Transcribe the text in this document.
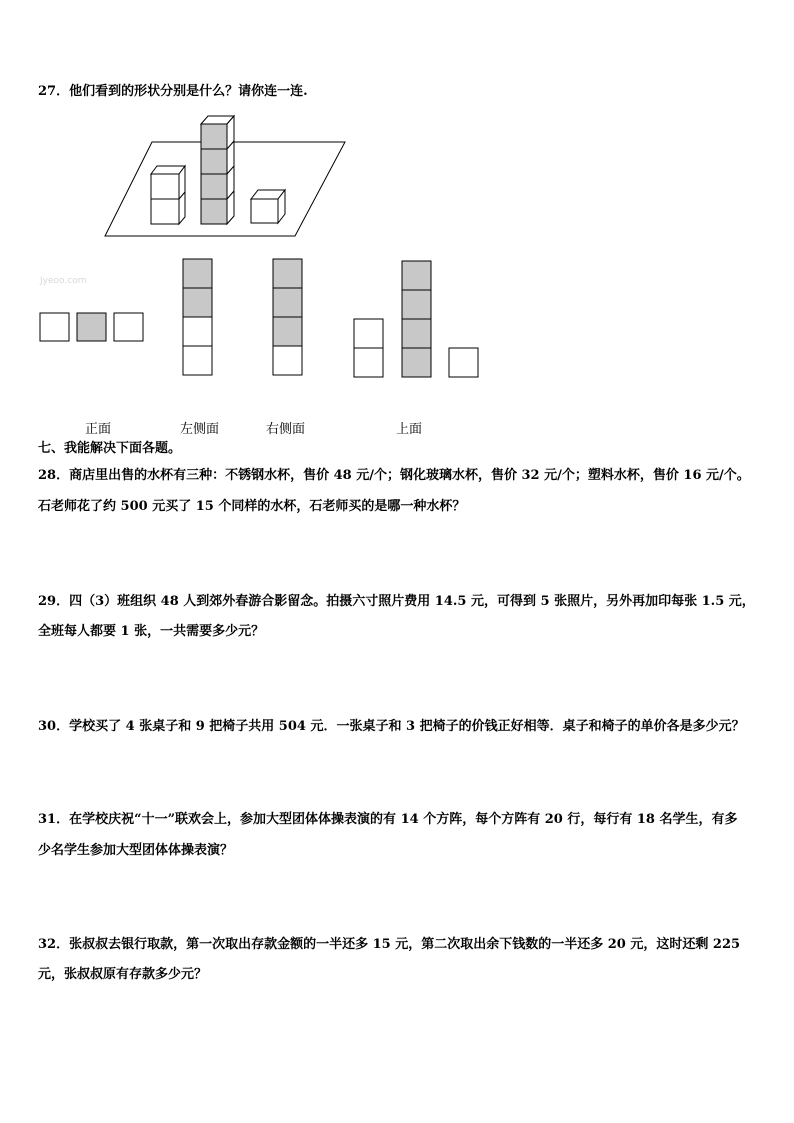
27．他们看到的形状分别是什么？请你连一连.
Jyeoo.com
正面	左侧面	右侧面	上面
七、我能解决下面各题。
28．商店里出售的水杯有三种：不锈钢水杯，售价 48 元/个；钢化玻璃水杯，售价 32 元/个；塑料水杯，售价 16 元/个。
石老师花了约 500 元买了 15 个同样的水杯，石老师买的是哪一种水杯？
29．四（3）班组织 48 人到郊外春游合影留念。拍摄六寸照片费用 14.5 元，可得到 5 张照片，另外再加印每张 1.5 元，
全班每人都要 1 张，一共需要多少元？
30．学校买了 4 张桌子和 9 把椅子共用 504 元．一张桌子和 3 把椅子的价钱正好相等．桌子和椅子的单价各是多少元？
31．在学校庆祝“十一”联欢会上，参加大型团体体操表演的有 14 个方阵，每个方阵有 20 行，每行有 18 名学生，有多
少名学生参加大型团体体操表演？
32．张叔叔去银行取款，第一次取出存款金额的一半还多 15 元，第二次取出余下钱数的一半还多 20 元，这时还剩 225
元，张叔叔原有存款多少元？
